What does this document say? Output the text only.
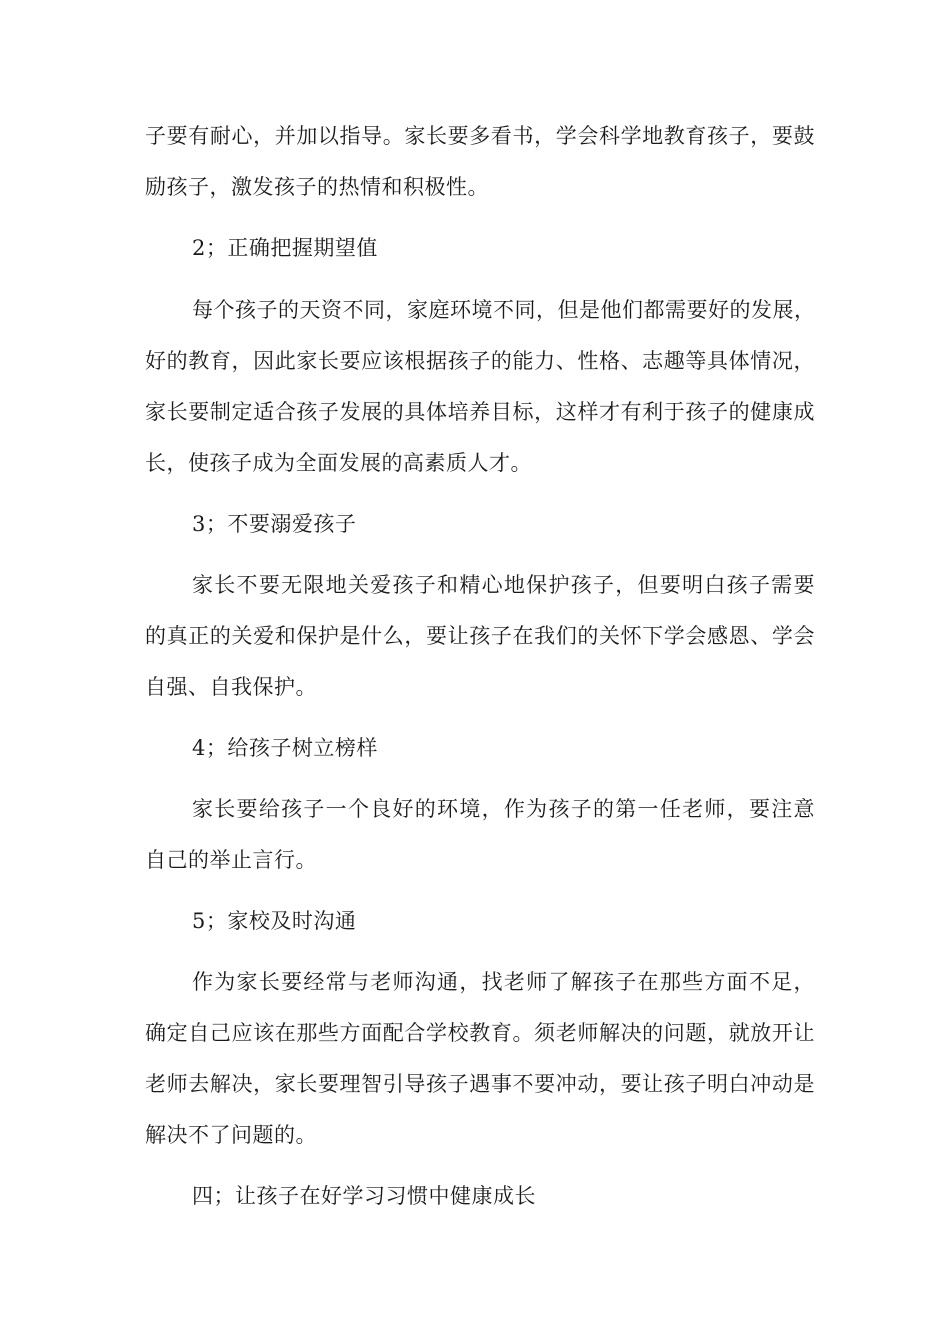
子要有耐心，并加以指导。家长要多看书，学会科学地教育孩子，要鼓
励孩子，激发孩子的热情和积极性。
2；正确把握期望值
每个孩子的天资不同，家庭环境不同，但是他们都需要好的发展，
好的教育，因此家长要应该根据孩子的能力、性格、志趣等具体情况，
家长要制定适合孩子发展的具体培养目标，这样才有利于孩子的健康成
长，使孩子成为全面发展的高素质人才。
3；不要溺爱孩子
家长不要无限地关爱孩子和精心地保护孩子，但要明白孩子需要
的真正的关爱和保护是什么，要让孩子在我们的关怀下学会感恩、学会
自强、自我保护。
4；给孩子树立榜样
家长要给孩子一个良好的环境，作为孩子的第一任老师，要注意
自己的举止言行。
5；家校及时沟通
作为家长要经常与老师沟通，找老师了解孩子在那些方面不足，
确定自己应该在那些方面配合学校教育。须老师解决的问题，就放开让
老师去解决，家长要理智引导孩子遇事不要冲动，要让孩子明白冲动是
解决不了问题的。
四；让孩子在好学习习惯中健康成长
